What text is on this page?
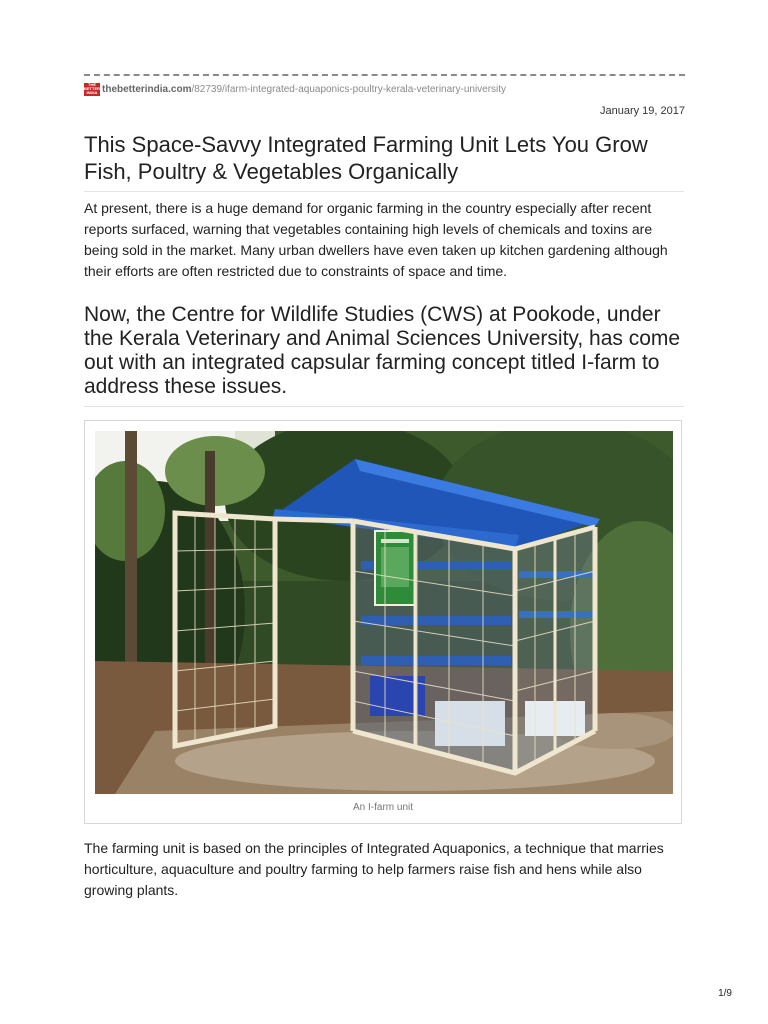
THE
BETTER
INDIA thebetterindia.com /82739/ifarm-integrated-aquaponics-poultry-kerala-veterinary-university
January 19, 2017
This Space-Savvy Integrated Farming Unit Lets You Grow Fish, Poultry & Vegetables Organically

At present, there is a huge demand for organic farming in the country especially after recent reports surfaced, warning that vegetables containing high levels of chemicals and toxins are being sold in the market. Many urban dwellers have even taken up kitchen gardening although their efforts are often restricted due to constraints of space and time.

Now, the Centre for Wildlife Studies (CWS) at Pookode, under the Kerala Veterinary and Animal Sciences University, has come out with an integrated capsular farming concept titled I-farm to address these issues.
An I-farm unit

The farming unit is based on the principles of Integrated Aquaponics, a technique that marries horticulture, aquaculture and poultry farming to help farmers raise fish and hens while also growing plants.

1/9
